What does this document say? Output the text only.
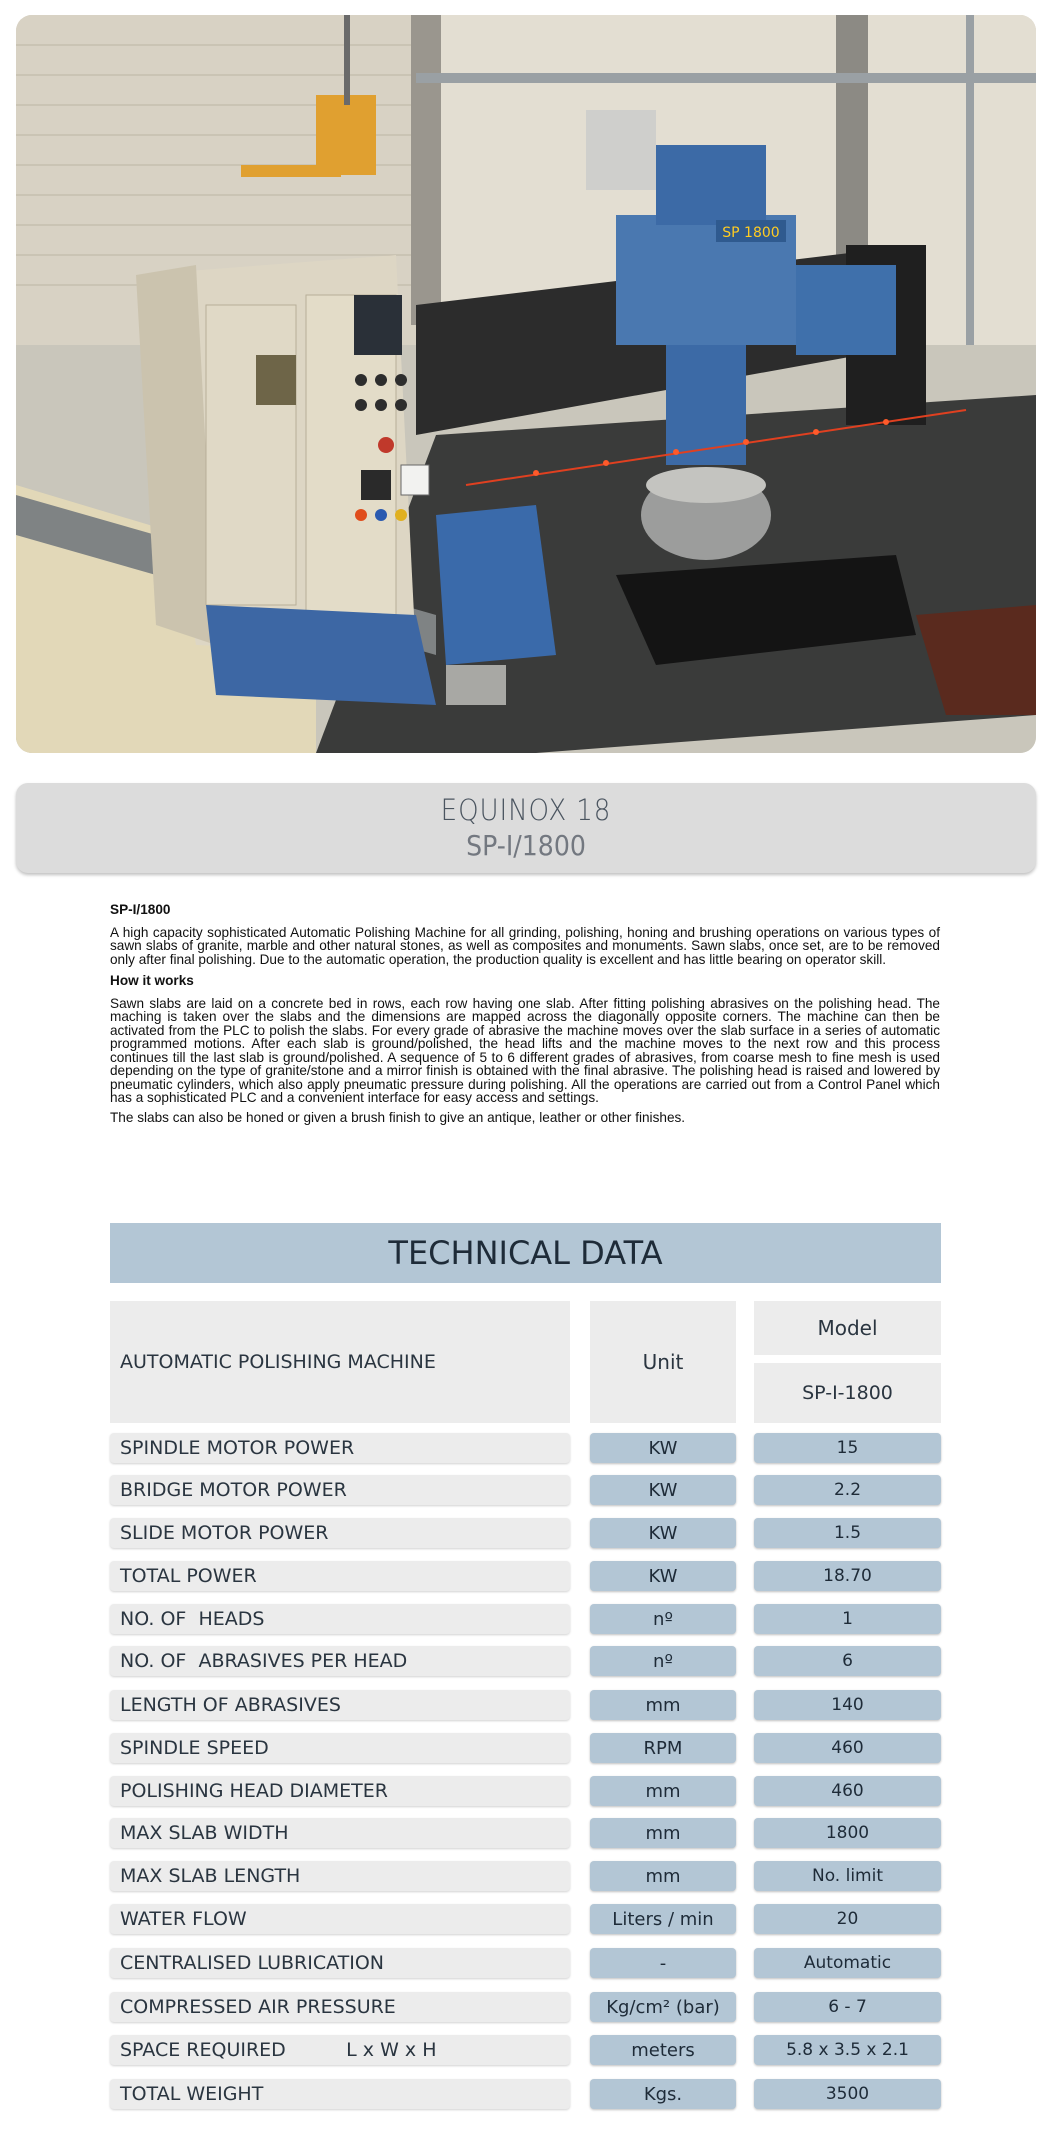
SP 1800
EQUINOX 18
SP-I/1800
SP-I/1800

A high capacity sophisticated Automatic Polishing Machine for all grinding, polishing, honing and brushing operations on various types of sawn slabs of granite, marble and other natural stones, as well as composites and monuments. Sawn slabs, once set, are to be removed only after final polishing. Due to the automatic operation, the production quality is excellent and has little bearing on operator skill.

How it works

Sawn slabs are laid on a concrete bed in rows, each row having one slab. After fitting polishing abrasives on the polishing head. The maching is taken over the slabs and the dimensions are mapped across the diagonally opposite corners. The machine can then be activated from the PLC to polish the slabs. For every grade of abrasive the machine moves over the slab surface in a series of automatic programmed motions. After each slab is ground/polished, the head lifts and the machine moves to the next row and this process continues till the last slab is ground/polished. A sequence of 5 to 6 different grades of abrasives, from coarse mesh to fine mesh is used depending on the type of granite/stone and a mirror finish is obtained with the final abrasive. The polishing head is raised and lowered by pneumatic cylinders, which also apply pneumatic pressure during polishing. All the operations are carried out from a Control Panel which has a sophisticated PLC and a convenient interface for easy access and settings.

The slabs can also be honed or given a brush finish to give an antique, leather or other finishes.

TECHNICAL DATA
AUTOMATIC POLISHING MACHINE	Unit
Model
SP-I-1800
SPINDLE MOTOR POWER	KW	15
BRIDGE MOTOR POWER	KW	2.2
SLIDE MOTOR POWER	KW	1.5
TOTAL POWER	KW	18.70
NO. OF  HEADS	nº	1
NO. OF  ABRASIVES PER HEAD	nº	6
LENGTH OF ABRASIVES	mm	140
SPINDLE SPEED	RPM	460
POLISHING HEAD DIAMETER	mm	460
MAX SLAB WIDTH	mm	1800
MAX SLAB LENGTH	mm	No. limit
WATER FLOW	Liters / min	20
CENTRALISED LUBRICATION	-	Automatic
COMPRESSED AIR PRESSURE	Kg/cm² (bar)	6 - 7
SPACE REQUIRED          L x W x H	meters	5.8 x 3.5 x 2.1
TOTAL WEIGHT	Kgs.	3500
